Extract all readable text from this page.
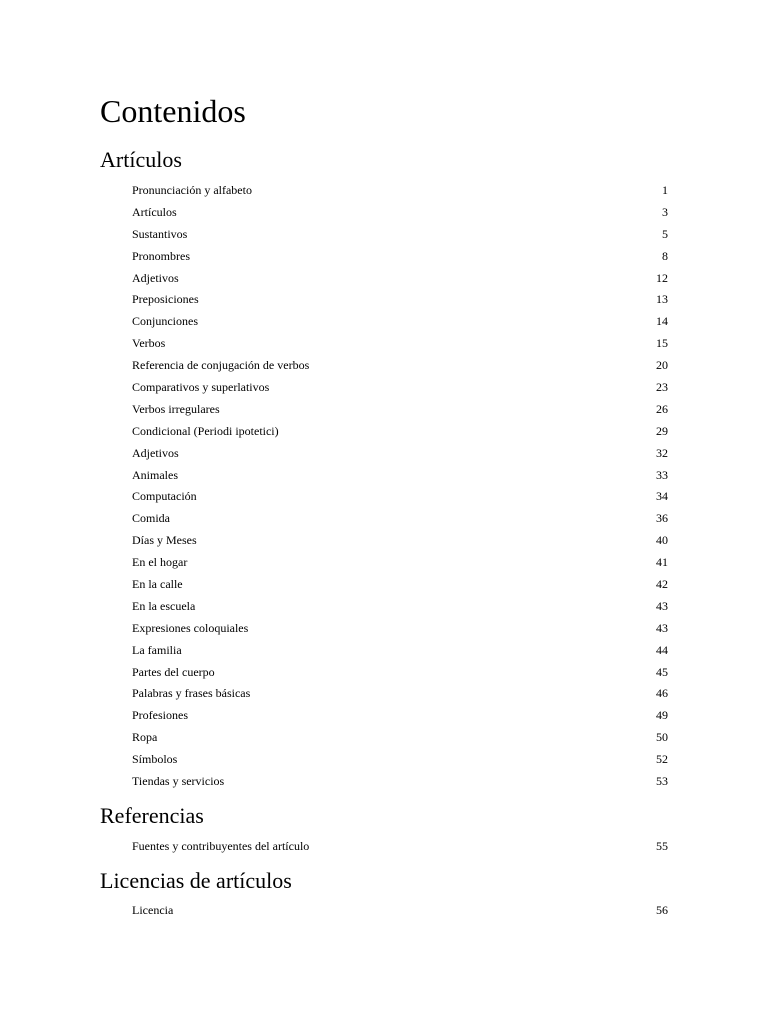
Contenidos
Artículos
Pronunciación y alfabeto	1
Artículos	3
Sustantivos	5
Pronombres	8
Adjetivos	12
Preposiciones	13
Conjunciones	14
Verbos	15
Referencia de conjugación de verbos	20
Comparativos y superlativos	23
Verbos irregulares	26
Condicional (Periodi ipotetici)	29
Adjetivos	32
Animales	33
Computación	34
Comida	36
Días y Meses	40
En el hogar	41
En la calle	42
En la escuela	43
Expresiones coloquiales	43
La familia	44
Partes del cuerpo	45
Palabras y frases básicas	46
Profesiones	49
Ropa	50
Símbolos	52
Tiendas y servicios	53
Referencias
Fuentes y contribuyentes del artículo	55
Licencias de artículos
Licencia	56
